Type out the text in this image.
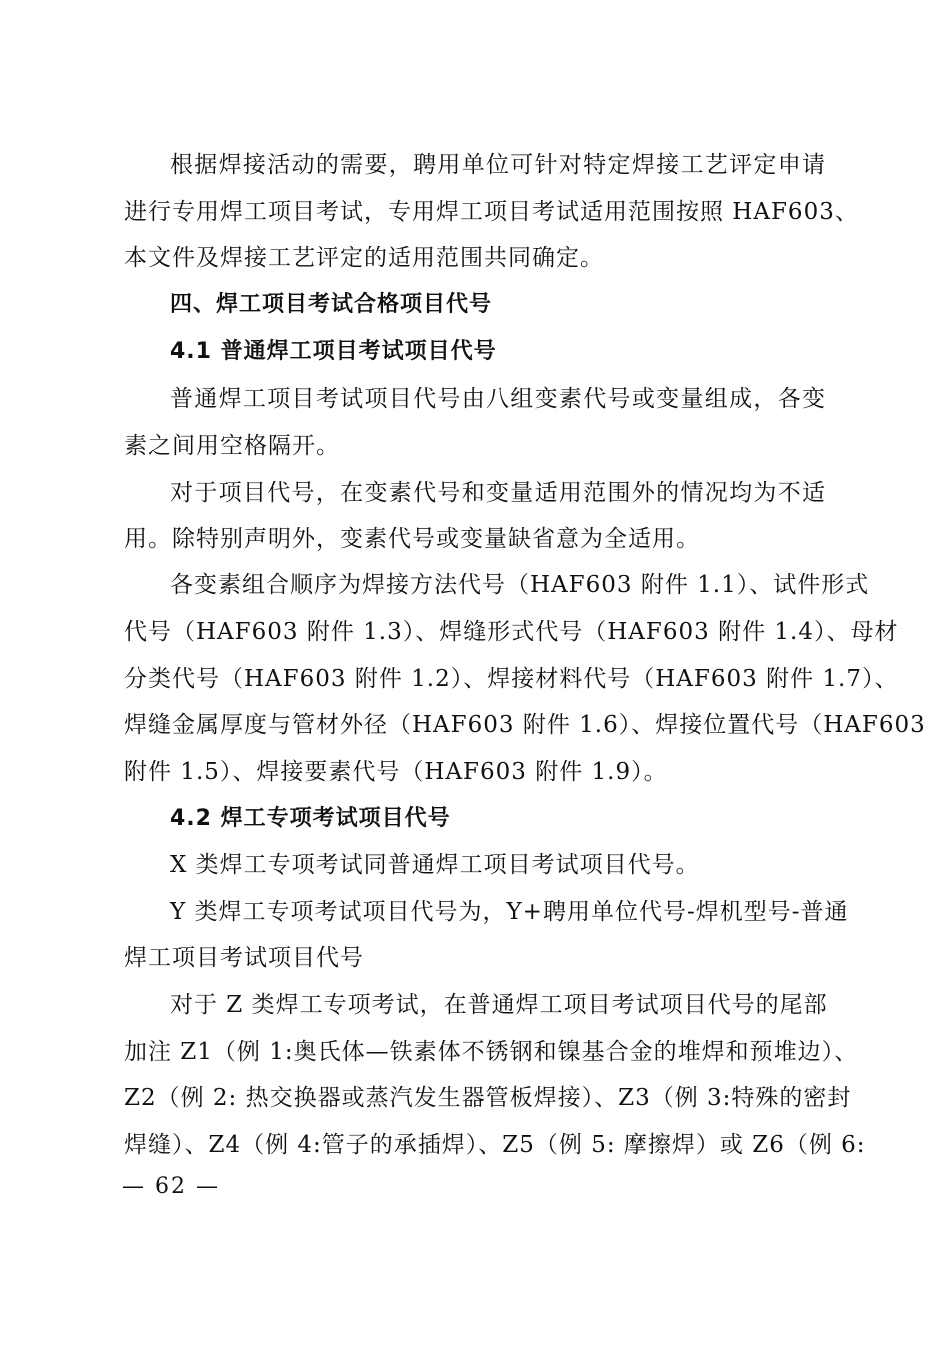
根据焊接活动的需要，聘用单位可针对特定焊接工艺评定申请
进行专用焊工项目考试，专用焊工项目考试适用范围按照 HAF603、
本文件及焊接工艺评定的适用范围共同确定。
四、焊工项目考试合格项目代号
4.1 普通焊工项目考试项目代号
普通焊工项目考试项目代号由八组变素代号或变量组成，各变
素之间用空格隔开。
对于项目代号，在变素代号和变量适用范围外的情况均为不适
用。除特别声明外，变素代号或变量缺省意为全适用。
各变素组合顺序为焊接方法代号（HAF603 附件 1.1）、试件形式
代号（HAF603 附件 1.3）、焊缝形式代号（HAF603 附件 1.4）、母材
分类代号（HAF603 附件 1.2）、焊接材料代号（HAF603 附件 1.7）、
焊缝金属厚度与管材外径（HAF603 附件 1.6）、焊接位置代号（HAF603
附件 1.5）、焊接要素代号（HAF603 附件 1.9）。
4.2 焊工专项考试项目代号
X 类焊工专项考试同普通焊工项目考试项目代号。
Y 类焊工专项考试项目代号为，Y+聘用单位代号-焊机型号-普通
焊工项目考试项目代号
对于 Z 类焊工专项考试，在普通焊工项目考试项目代号的尾部
加注 Z1（例 1:奥氏体—铁素体不锈钢和镍基合金的堆焊和预堆边）、
Z2（例 2: 热交换器或蒸汽发生器管板焊接）、Z3（例 3:特殊的密封
焊缝）、Z4（例 4:管子的承插焊）、Z5（例 5: 摩擦焊）或 Z6（例 6:
— 62 —
